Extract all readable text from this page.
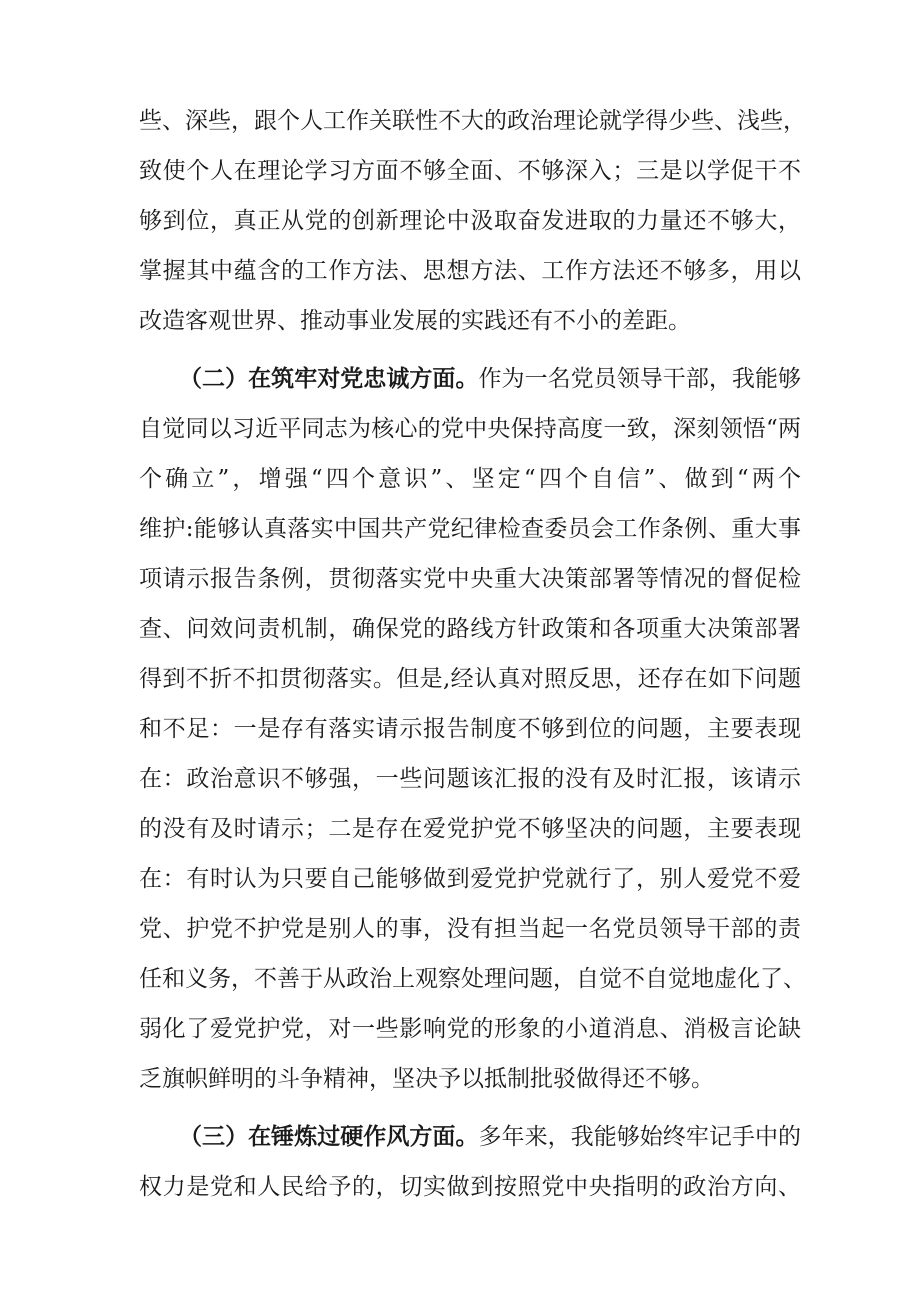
些、深些，跟个人工作关联性不大的政治理论就学得少些、浅些，
致使个人在理论学习方面不够全面、不够深入；三是以学促干不
够到位，真正从党的创新理论中汲取奋发进取的力量还不够大，
掌握其中蕴含的工作方法、思想方法、工作方法还不够多，用以
改造客观世界、推动事业发展的实践还有不小的差距。
（二）在筑牢对党忠诚方面。作为一名党员领导干部，我能够
自觉同以习近平同志为核心的党中央保持高度一致，深刻领悟“两
个确立”，增强“四个意识”、坚定“四个自信”、做到“两个
维护:能够认真落实中国共产党纪律检查委员会工作条例、重大事
项请示报告条例，贯彻落实党中央重大决策部署等情况的督促检
查、问效问责机制，确保党的路线方针政策和各项重大决策部署
得到不折不扣贯彻落实。但是,经认真对照反思，还存在如下问题
和不足：一是存有落实请示报告制度不够到位的问题，主要表现
在：政治意识不够强，一些问题该汇报的没有及时汇报，该请示
的没有及时请示；二是存在爱党护党不够坚决的问题，主要表现
在：有时认为只要自己能够做到爱党护党就行了，别人爱党不爱
党、护党不护党是别人的事，没有担当起一名党员领导干部的责
任和义务，不善于从政治上观察处理问题，自觉不自觉地虚化了、
弱化了爱党护党，对一些影响党的形象的小道消息、消极言论缺
乏旗帜鲜明的斗争精神，坚决予以抵制批驳做得还不够。
（三）在锤炼过硬作风方面。多年来，我能够始终牢记手中的
权力是党和人民给予的，切实做到按照党中央指明的政治方向、
